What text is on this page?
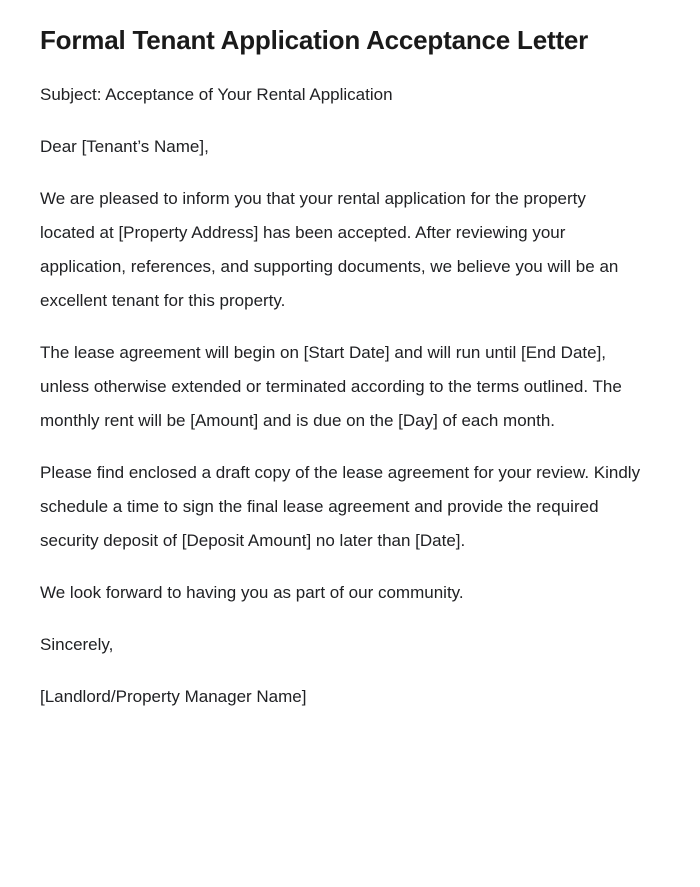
Formal Tenant Application Acceptance Letter

Subject: Acceptance of Your Rental Application

Dear [Tenant’s Name],

We are pleased to inform you that your rental application for the property located at [Property Address] has been accepted. After reviewing your application, references, and supporting documents, we believe you will be an excellent tenant for this property.

The lease agreement will begin on [Start Date] and will run until [End Date], unless otherwise extended or terminated according to the terms outlined. The monthly rent will be [Amount] and is due on the [Day] of each month.

Please find enclosed a draft copy of the lease agreement for your review. Kindly schedule a time to sign the final lease agreement and provide the required security deposit of [Deposit Amount] no later than [Date].

We look forward to having you as part of our community.

Sincerely,

[Landlord/Property Manager Name]
